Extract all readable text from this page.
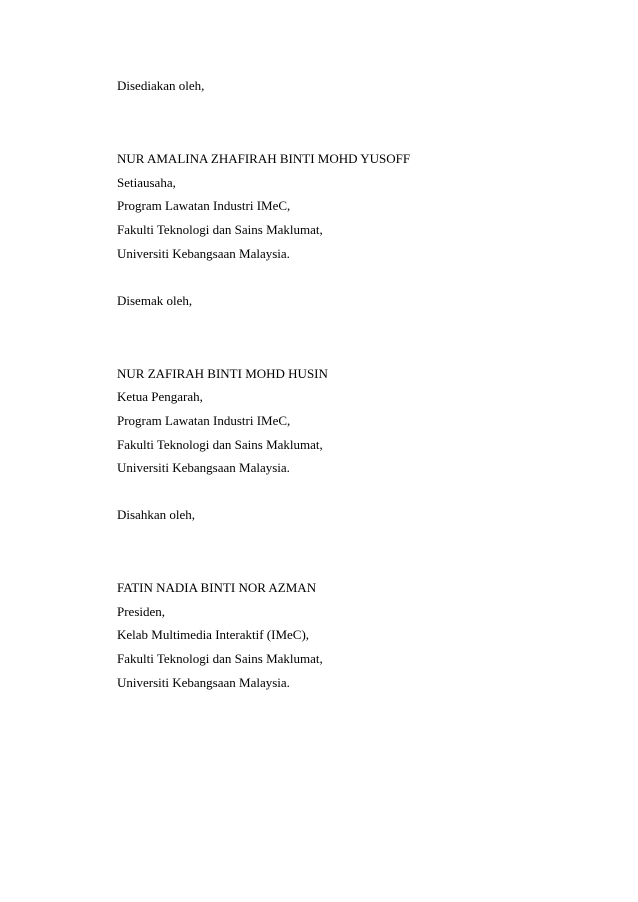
Disediakan oleh,
NUR AMALINA ZHAFIRAH BINTI MOHD YUSOFF
Setiausaha,
Program Lawatan Industri IMeC,
Fakulti Teknologi dan Sains Maklumat,
Universiti Kebangsaan Malaysia.
Disemak oleh,
NUR ZAFIRAH BINTI MOHD HUSIN
Ketua Pengarah,
Program Lawatan Industri IMeC,
Fakulti Teknologi dan Sains Maklumat,
Universiti Kebangsaan Malaysia.
Disahkan oleh,
FATIN NADIA BINTI NOR AZMAN
Presiden,
Kelab Multimedia Interaktif (IMeC),
Fakulti Teknologi dan Sains Maklumat,
Universiti Kebangsaan Malaysia.
